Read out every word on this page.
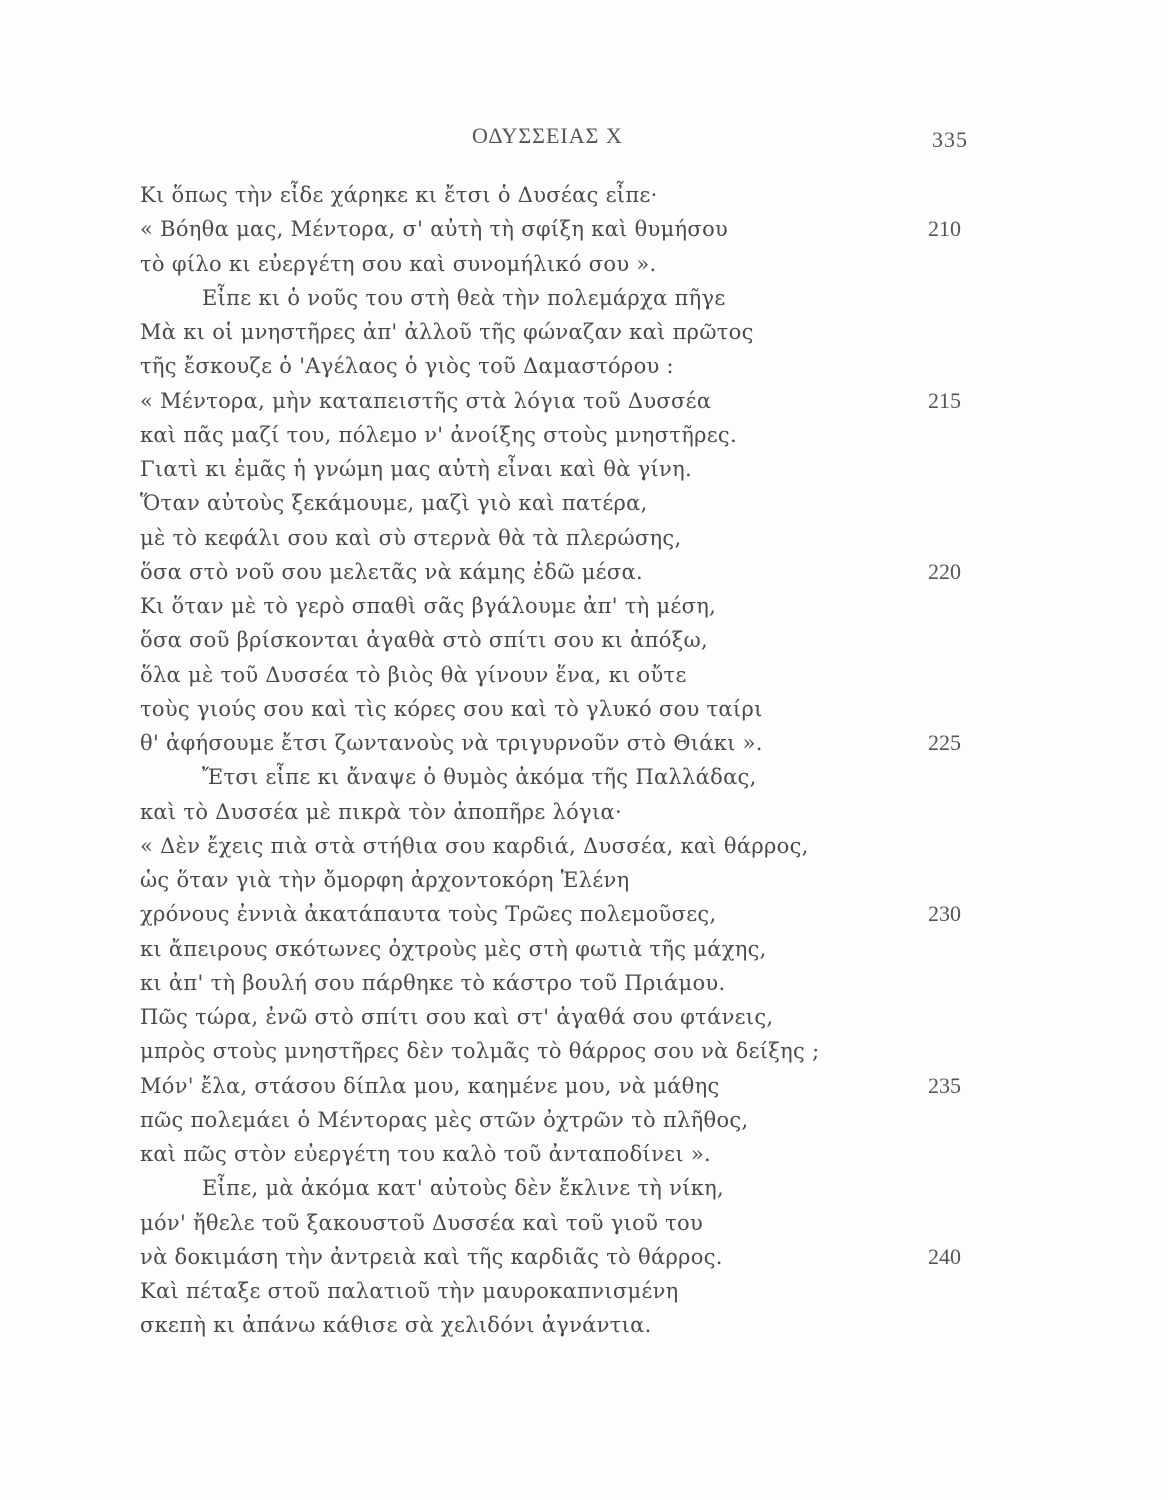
ΟΔΥΣΣΕΙΑΣ Χ	335
Κι ὅπως τὴν εἶδε χάρηκε κι ἔτσι ὁ Δυσέας εἶπε·
« Βόηθα μας, Μέντορα, σ' αὐτὴ τὴ σφίξη καὶ θυμήσου	210
τὸ φίλο κι εὐεργέτη σου καὶ συνομήλικό σου ».
Εἶπε κι ὁ νοῦς του στὴ θεὰ τὴν πολεμάρχα πῆγε
Μὰ κι οἱ μνηστῆρες ἀπ' ἀλλοῦ τῆς φώναζαν καὶ πρῶτος
τῆς ἔσκουζε ὁ 'Αγέλαος ὁ γιὸς τοῦ Δαμαστόρου :
« Μέντορα, μὴν καταπειστῆς στὰ λόγια τοῦ Δυσσέα	215
καὶ πᾶς μαζί του, πόλεμο ν' ἀνοίξης στοὺς μνηστῆρες.
Γιατὶ κι ἐμᾶς ἡ γνώμη μας αὐτὴ εἶναι καὶ θὰ γίνη.
Ὅταν αὐτοὺς ξεκάμουμε, μαζὶ γιὸ καὶ πατέρα,
μὲ τὸ κεφάλι σου καὶ σὺ στερνὰ θὰ τὰ πλερώσης,
ὅσα στὸ νοῦ σου μελετᾶς νὰ κάμης ἐδῶ μέσα.	220
Κι ὅταν μὲ τὸ γερὸ σπαθὶ σᾶς βγάλουμε ἀπ' τὴ μέση,
ὅσα σοῦ βρίσκονται ἀγαθὰ στὸ σπίτι σου κι ἀπόξω,
ὅλα μὲ τοῦ Δυσσέα τὸ βιὸς θὰ γίνουν ἕνα, κι οὔτε
τοὺς γιούς σου καὶ τὶς κόρες σου καὶ τὸ γλυκό σου ταίρι
θ' ἀφήσουμε ἔτσι ζωντανοὺς νὰ τριγυρνοῦν στὸ Θιάκι ».	225
Ἔτσι εἶπε κι ἄναψε ὁ θυμὸς ἀκόμα τῆς Παλλάδας,
καὶ τὸ Δυσσέα μὲ πικρὰ τὸν ἀποπῆρε λόγια·
« Δὲν ἔχεις πιὰ στὰ στήθια σου καρδιά, Δυσσέα, καὶ θάρρος,
ὡς ὅταν γιὰ τὴν ὄμορφη ἀρχοντοκόρη Ἑλένη
χρόνους ἐννιὰ ἀκατάπαυτα τοὺς Τρῶες πολεμοῦσες,	230
κι ἄπειρους σκότωνες ὀχτροὺς μὲς στὴ φωτιὰ τῆς μάχης,
κι ἀπ' τὴ βουλή σου πάρθηκε τὸ κάστρο τοῦ Πριάμου.
Πῶς τώρα, ἐνῶ στὸ σπίτι σου καὶ στ' ἀγαθά σου φτάνεις,
μπρὸς στοὺς μνηστῆρες δὲν τολμᾶς τὸ θάρρος σου νὰ δείξης ;
Μόν' ἔλα, στάσου δίπλα μου, καημένε μου, νὰ μάθης	235
πῶς πολεμάει ὁ Μέντορας μὲς στῶν ὀχτρῶν τὸ πλῆθος,
καὶ πῶς στὸν εὐεργέτη του καλὸ τοῦ ἀνταποδίνει ».
Εἶπε, μὰ ἀκόμα κατ' αὐτοὺς δὲν ἔκλινε τὴ νίκη,
μόν' ἤθελε τοῦ ξακουστοῦ Δυσσέα καὶ τοῦ γιοῦ του
νὰ δοκιμάση τὴν ἀντρειὰ καὶ τῆς καρδιᾶς τὸ θάρρος.	240
Καὶ πέταξε στοῦ παλατιοῦ τὴν μαυροκαπνισμένη
σκεπὴ κι ἀπάνω κάθισε σὰ χελιδόνι ἀγνάντια.
